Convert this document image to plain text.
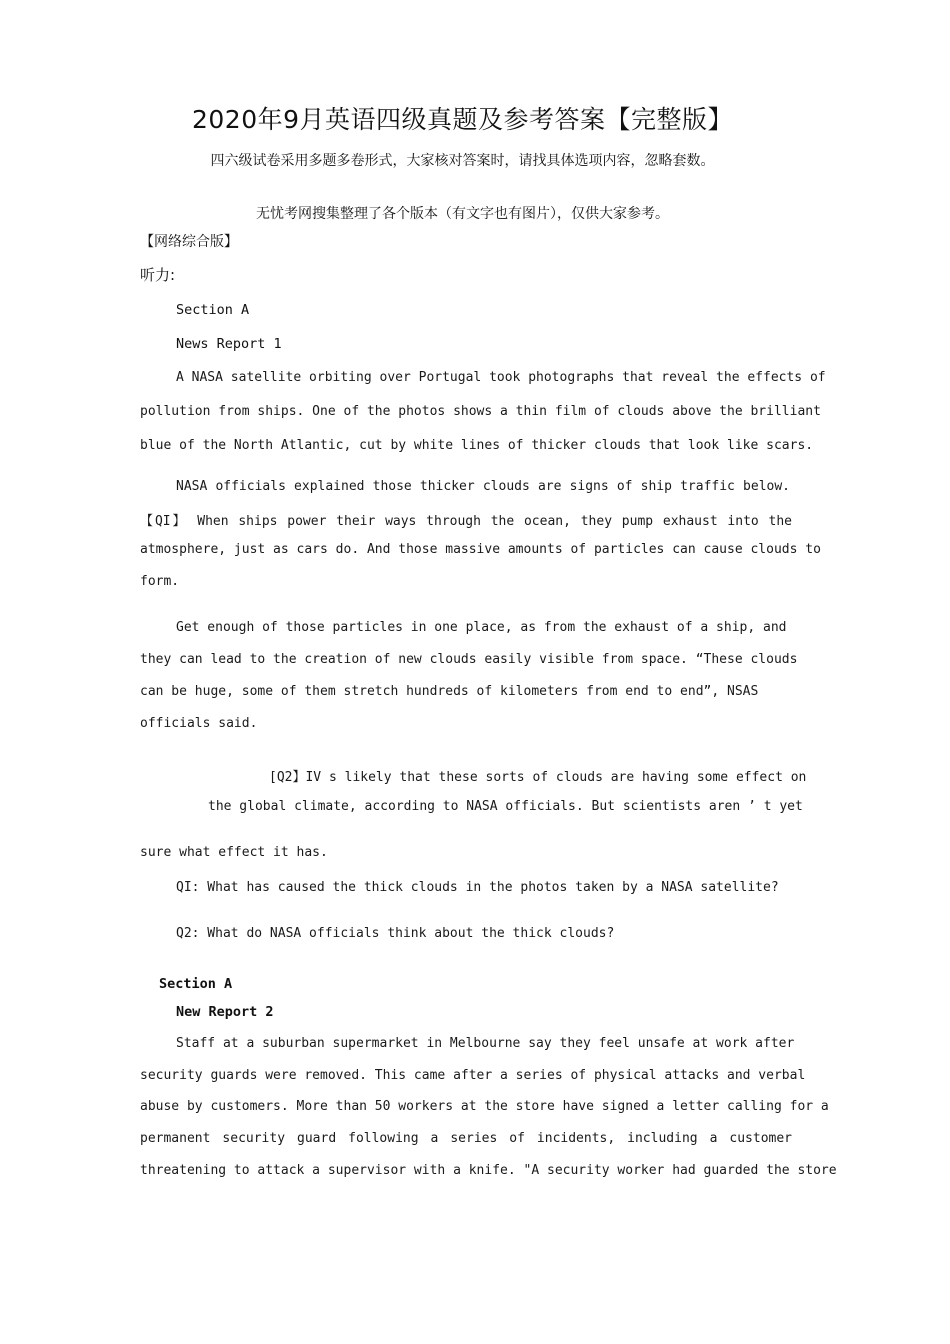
2020年9月英语四级真题及参考答案【完整版】
四六级试卷采用多题多卷形式，大家核对答案时，请找具体选项内容，忽略套数。
无忧考网搜集整理了各个版本（有文字也有图片），仅供大家参考。
【网络综合版】
听力:
Section A
News Report 1
A NASA satellite orbiting over Portugal took photographs that reveal the effects of
pollution from ships. One of the photos shows a thin film of clouds above the brilliant
blue of the North Atlantic, cut by white lines of thicker clouds that look like scars.
NASA officials explained those thicker clouds are signs of ship traffic below.
【QI】 When ships power their ways through the ocean, they pump exhaust into the
atmosphere, just as cars do. And those massive amounts of particles can cause clouds to
form.
Get enough of those particles in one place, as from the exhaust of a ship, and
they can lead to the creation of new clouds easily visible from space. “These clouds
can be huge, some of them stretch hundreds of kilometers from end to end”, NSAS
officials said.
[Q2】IV s likely that these sorts of clouds are having some effect on
the global climate, according to NASA officials. But scientists aren ’ t yet
sure what effect it has.
QI: What has caused the thick clouds in the photos taken by a NASA satellite?
Q2: What do NASA officials think about the thick clouds?
Section A
New Report 2
Staff at a suburban supermarket in Melbourne say they feel unsafe at work after
security guards were removed. This came after a series of physical attacks and verbal
abuse by customers. More than 50 workers at the store have signed a letter calling for a
permanent security guard following a series of incidents, including a customer
threatening to attack a supervisor with a knife. "A security worker had guarded the store
